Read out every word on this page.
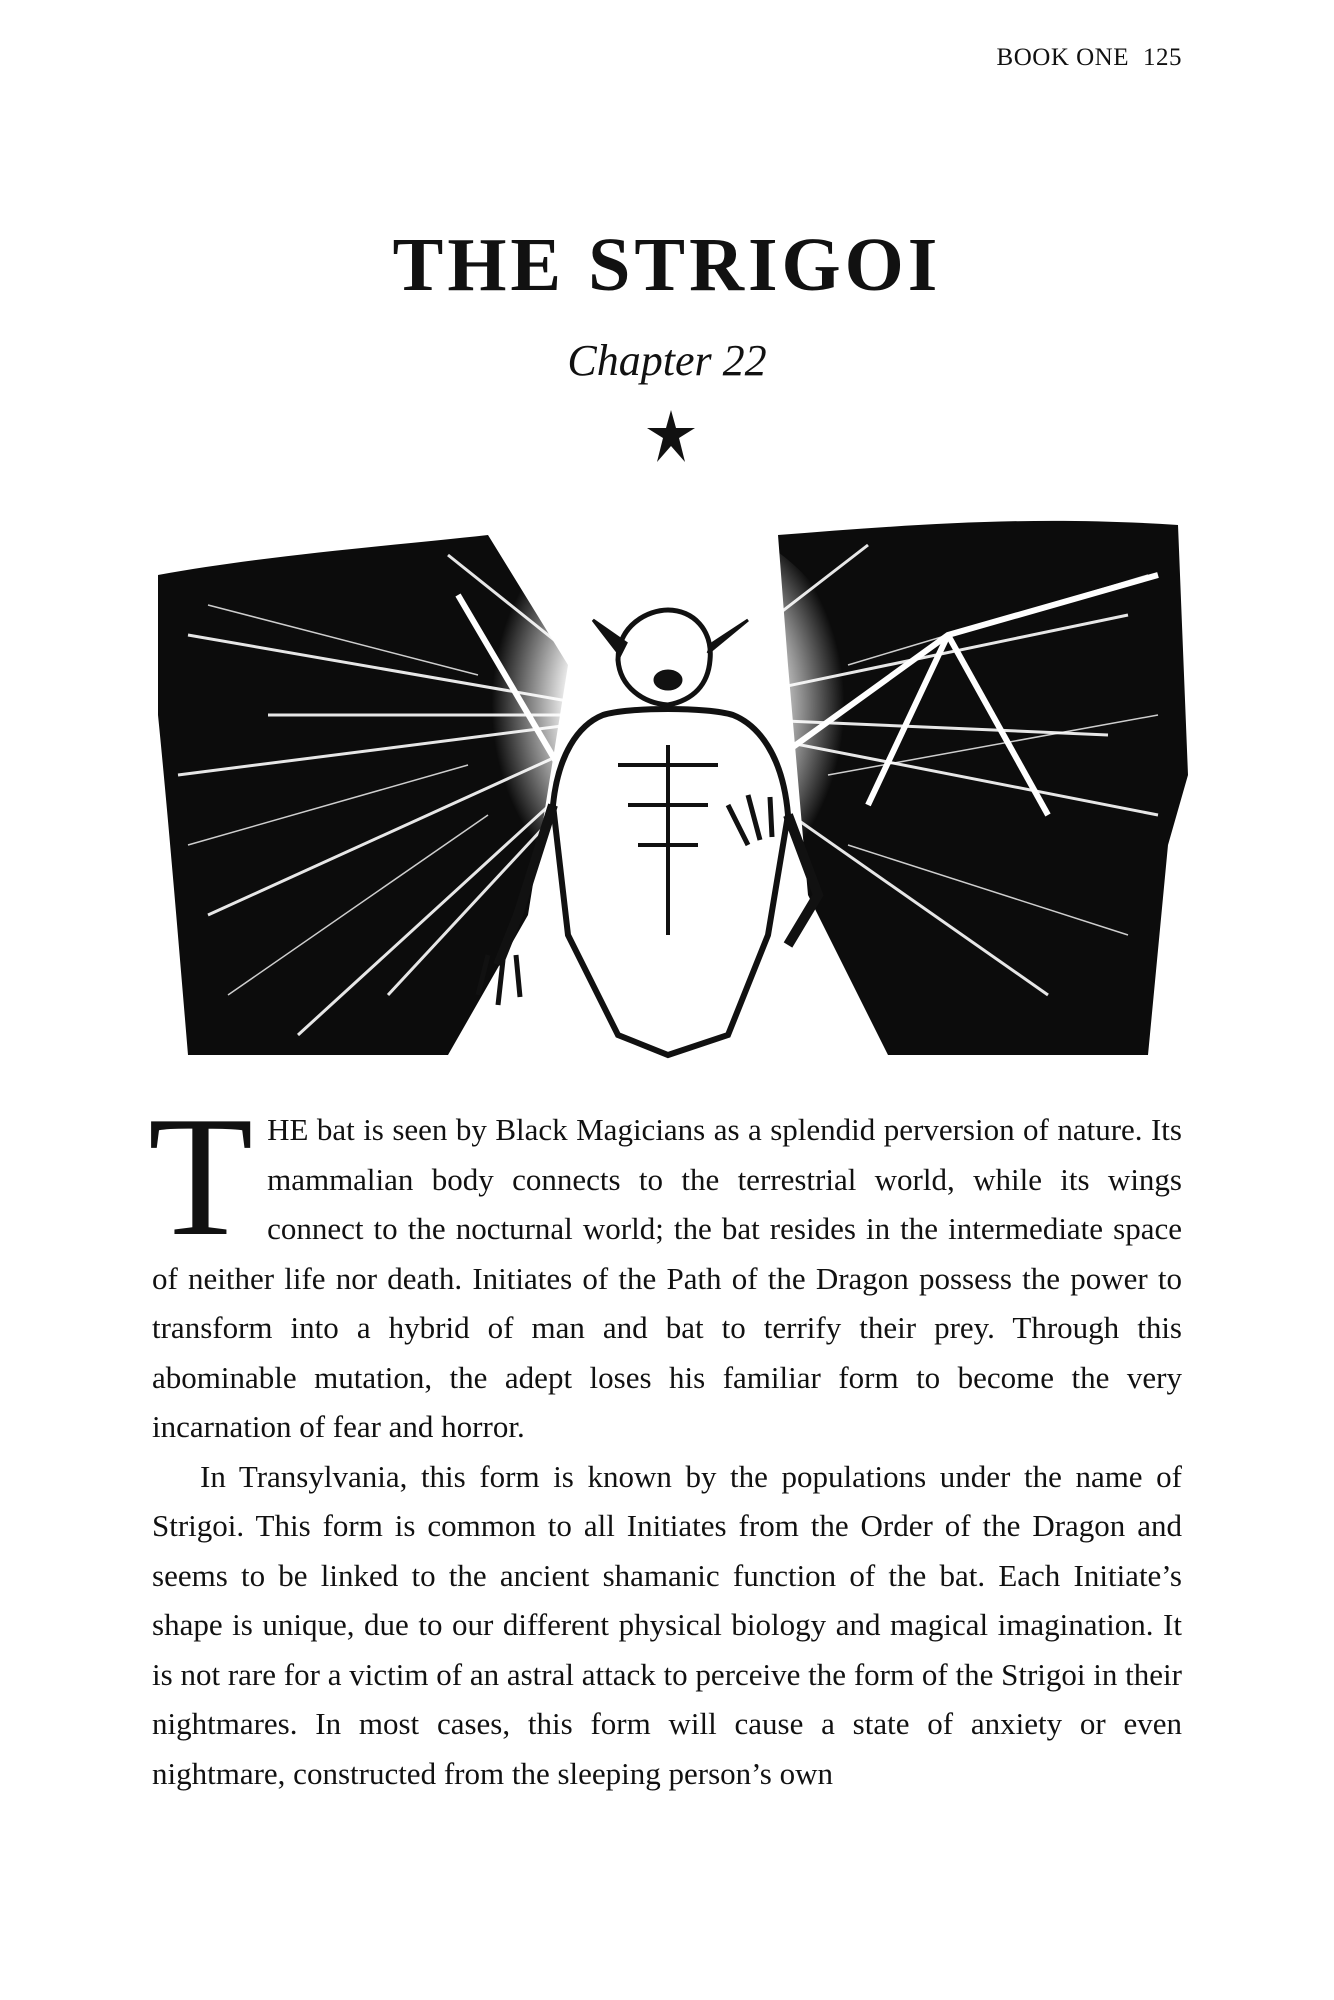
BOOK ONE 125
THE STRIGOI
Chapter 22

THE bat is seen by Black Magicians as a splendid perversion of nature. Its mammalian body connects to the terrestrial world, while its wings connect to the nocturnal world; the bat resides in the intermediate space of neither life nor death. Initiates of the Path of the Dragon possess the power to transform into a hybrid of man and bat to terrify their prey. Through this abominable mutation, the adept loses his familiar form to become the very incarnation of fear and horror.

In Transylvania, this form is known by the populations under the name of Strigoi. This form is common to all Initiates from the Order of the Dragon and seems to be linked to the ancient shamanic function of the bat. Each Initiate’s shape is unique, due to our different physical biology and magical imagination. It is not rare for a victim of an astral attack to perceive the form of the Strigoi in their nightmares. In most cases, this form will cause a state of anxiety or even nightmare, constructed from the sleeping person’s own
